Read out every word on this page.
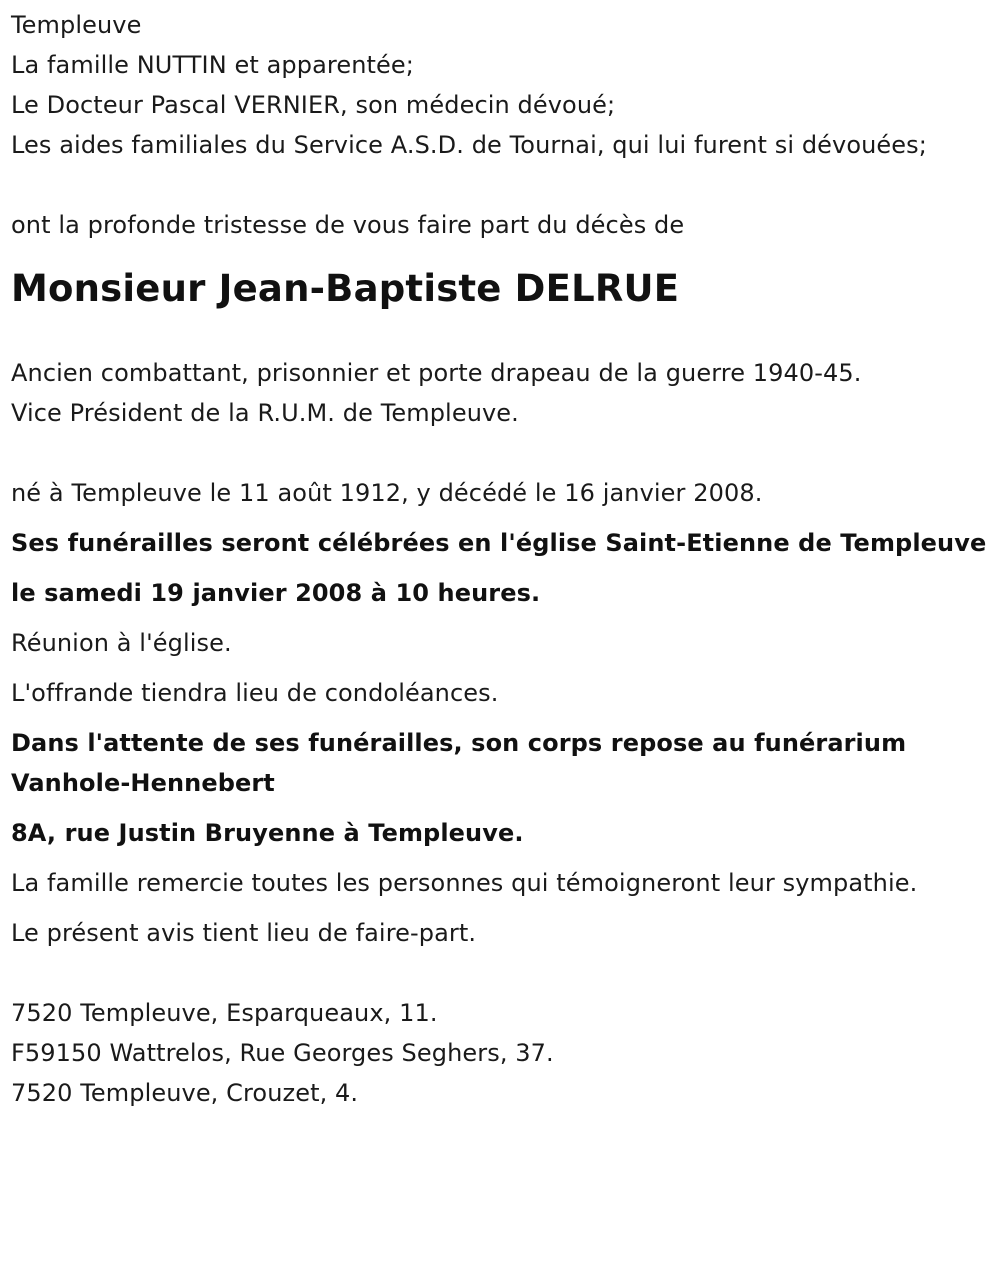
Templeuve

La famille NUTTIN et apparentée;

Le Docteur Pascal VERNIER, son médecin dévoué;

Les aides familiales du Service A.S.D. de Tournai, qui lui furent si dévouées;

ont la profonde tristesse de vous faire part du décès de

Monsieur Jean-Baptiste DELRUE

Ancien combattant, prisonnier et porte drapeau de la guerre 1940-45.

Vice Président de la R.U.M. de Templeuve.

né à Templeuve le 11 août 1912, y décédé le 16 janvier 2008.

Ses funérailles seront célébrées en l'église Saint-Etienne de Templeuve

le samedi 19 janvier 2008 à 10 heures.

Réunion à l'église.

L'offrande tiendra lieu de condoléances.

Dans l'attente de ses funérailles, son corps repose au funérarium Vanhole-Hennebert

8A, rue Justin Bruyenne à Templeuve.

La famille remercie toutes les personnes qui témoigneront leur sympathie.

Le présent avis tient lieu de faire-part.

7520 Templeuve, Esparqueaux, 11.

F59150 Wattrelos, Rue Georges Seghers, 37.

7520 Templeuve, Crouzet, 4.
